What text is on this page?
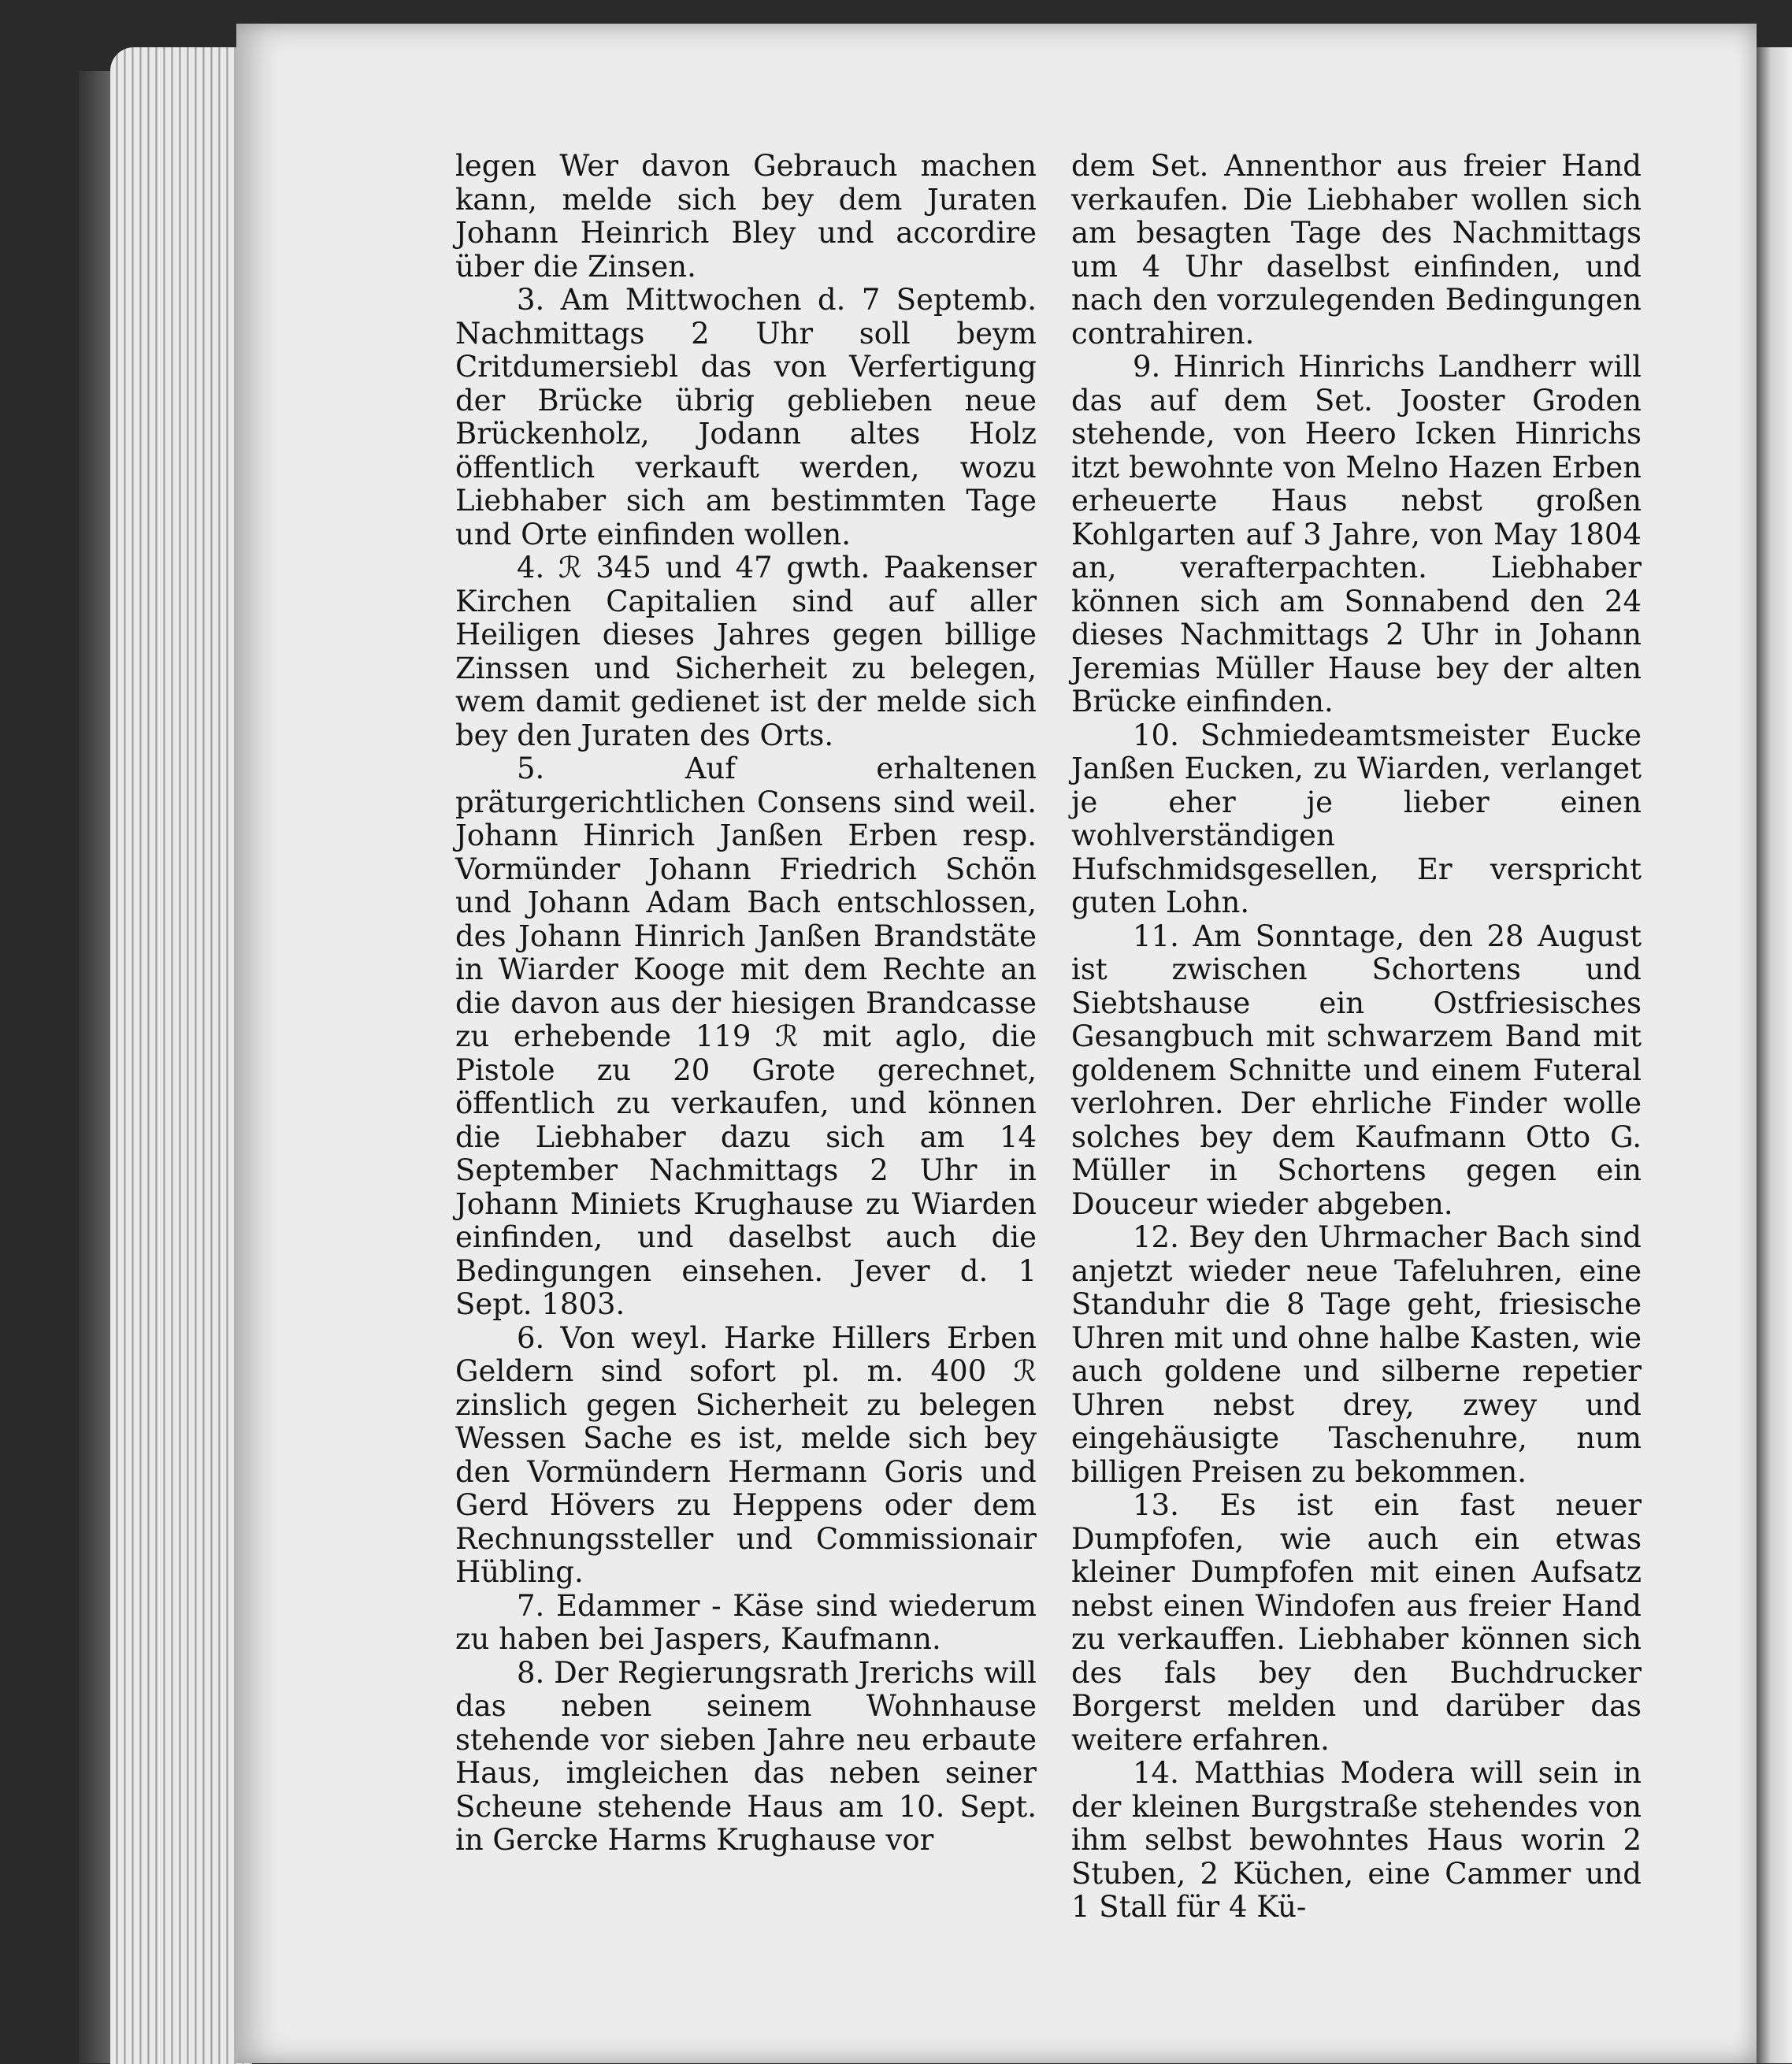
legen Wer davon Gebrauch machen kann, melde sich bey dem Juraten Johann Heinrich Bley und accordire über die Zinsen.

3. Am Mittwochen d. 7 Septemb. Nachmittags 2 Uhr soll beym Critdumersiebl das von Verfertigung der Brücke übrig geblieben neue Brückenholz, Jodann altes Holz öffentlich verkauft werden, wozu Liebhaber sich am bestimmten Tage und Orte einfinden wollen.

4. ℛ 345 und 47 gwth. Paakenser Kirchen Capitalien sind auf aller Heiligen dieses Jahres gegen billige Zinssen und Sicherheit zu belegen, wem damit gedienet ist der melde sich bey den Juraten des Orts.

5. Auf erhaltenen präturgerichtlichen Consens sind weil. Johann Hinrich Janßen Erben resp. Vormünder Johann Friedrich Schön und Johann Adam Bach entschlossen, des Johann Hinrich Janßen Brandstäte in Wiarder Kooge mit dem Rechte an die davon aus der hiesigen Brandcasse zu erhebende 119 ℛ mit aglo, die Pistole zu 20 Grote gerechnet, öffentlich zu verkaufen, und können die Liebhaber dazu sich am 14 September Nachmittags 2 Uhr in Johann Miniets Krughause zu Wiarden einfinden, und daselbst auch die Bedingungen einsehen. Jever d. 1 Sept. 1803.

6. Von weyl. Harke Hillers Erben Geldern sind sofort pl. m. 400 ℛ zinslich gegen Sicherheit zu belegen Wessen Sache es ist, melde sich bey den Vormündern Hermann Goris und Gerd Hövers zu Heppens oder dem Rechnungssteller und Commissionair Hübling.

7. Edammer - Käse sind wiederum zu haben bei Jaspers, Kaufmann.

8. Der Regierungsrath Jrerichs will das neben seinem Wohnhause stehende vor sieben Jahre neu erbaute Haus, imgleichen das neben seiner Scheune stehende Haus am 10. Sept. in Gercke Harms Krughause vor

dem Set. Annenthor aus freier Hand verkaufen. Die Liebhaber wollen sich am besagten Tage des Nachmittags um 4 Uhr daselbst einfinden, und nach den vorzulegenden Bedingungen contrahiren.

9. Hinrich Hinrichs Landherr will das auf dem Set. Jooster Groden stehende, von Heero Icken Hinrichs itzt bewohnte von Melno Hazen Erben erheuerte Haus nebst großen Kohlgarten auf 3 Jahre, von May 1804 an, verafterpachten. Liebhaber können sich am Sonnabend den 24 dieses Nachmittags 2 Uhr in Johann Jeremias Müller Hause bey der alten Brücke einfinden.

10. Schmiedeamtsmeister Eucke Janßen Eucken, zu Wiarden, verlanget je eher je lieber einen wohlverständigen Hufschmidsgesellen, Er verspricht guten Lohn.

11. Am Sonntage, den 28 August ist zwischen Schortens und Siebtshause ein Ostfriesisches Gesangbuch mit schwarzem Band mit goldenem Schnitte und einem Futeral verlohren. Der ehrliche Finder wolle solches bey dem Kaufmann Otto G. Müller in Schortens gegen ein Douceur wieder abgeben.

12. Bey den Uhrmacher Bach sind anjetzt wieder neue Tafeluhren, eine Standuhr die 8 Tage geht, friesische Uhren mit und ohne halbe Kasten, wie auch goldene und silberne repetier Uhren nebst drey, zwey und eingehäusigte Taschenuhre, num billigen Preisen zu bekommen.

13. Es ist ein fast neuer Dumpfofen, wie auch ein etwas kleiner Dumpfofen mit einen Aufsatz nebst einen Windofen aus freier Hand zu verkauffen. Liebhaber können sich des fals bey den Buchdrucker Borgerst melden und darüber das weitere erfahren.

14. Matthias Modera will sein in der kleinen Burgstraße stehendes von ihm selbst bewohntes Haus worin 2 Stuben, 2 Küchen, eine Cammer und 1 Stall für 4 Kü-
